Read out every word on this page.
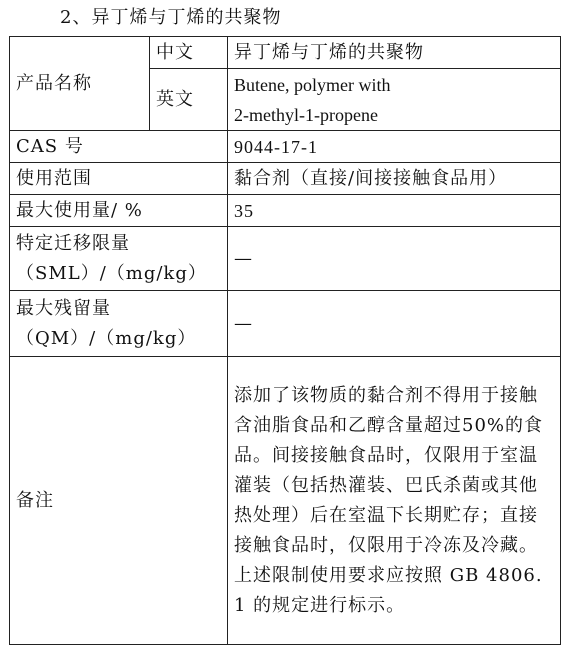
2、异丁烯与丁烯的共聚物
产品名称	中文	异丁烯与丁烯的共聚物
	英文	Butene, polymer with
2-methyl-1-propene

CAS 号		9044-17-1
使用范围		黏合剂（直接/间接接触食品用）
最大使用量/ %		35

特定迁移限量
（SML）/（mg/kg）		—

最大残留量
（QM）/（mg/kg）		—
备注		添加了该物质的黏合剂不得用于接触含油脂食品和乙醇含量超过50%的食品。间接接触食品时，仅限用于室温灌装（包括热灌装、巴氏杀菌或其他热处理）后在室温下长期贮存；直接接触食品时，仅限用于冷冻及冷藏。上述限制使用要求应按照 GB 4806.1 的规定进行标示。
